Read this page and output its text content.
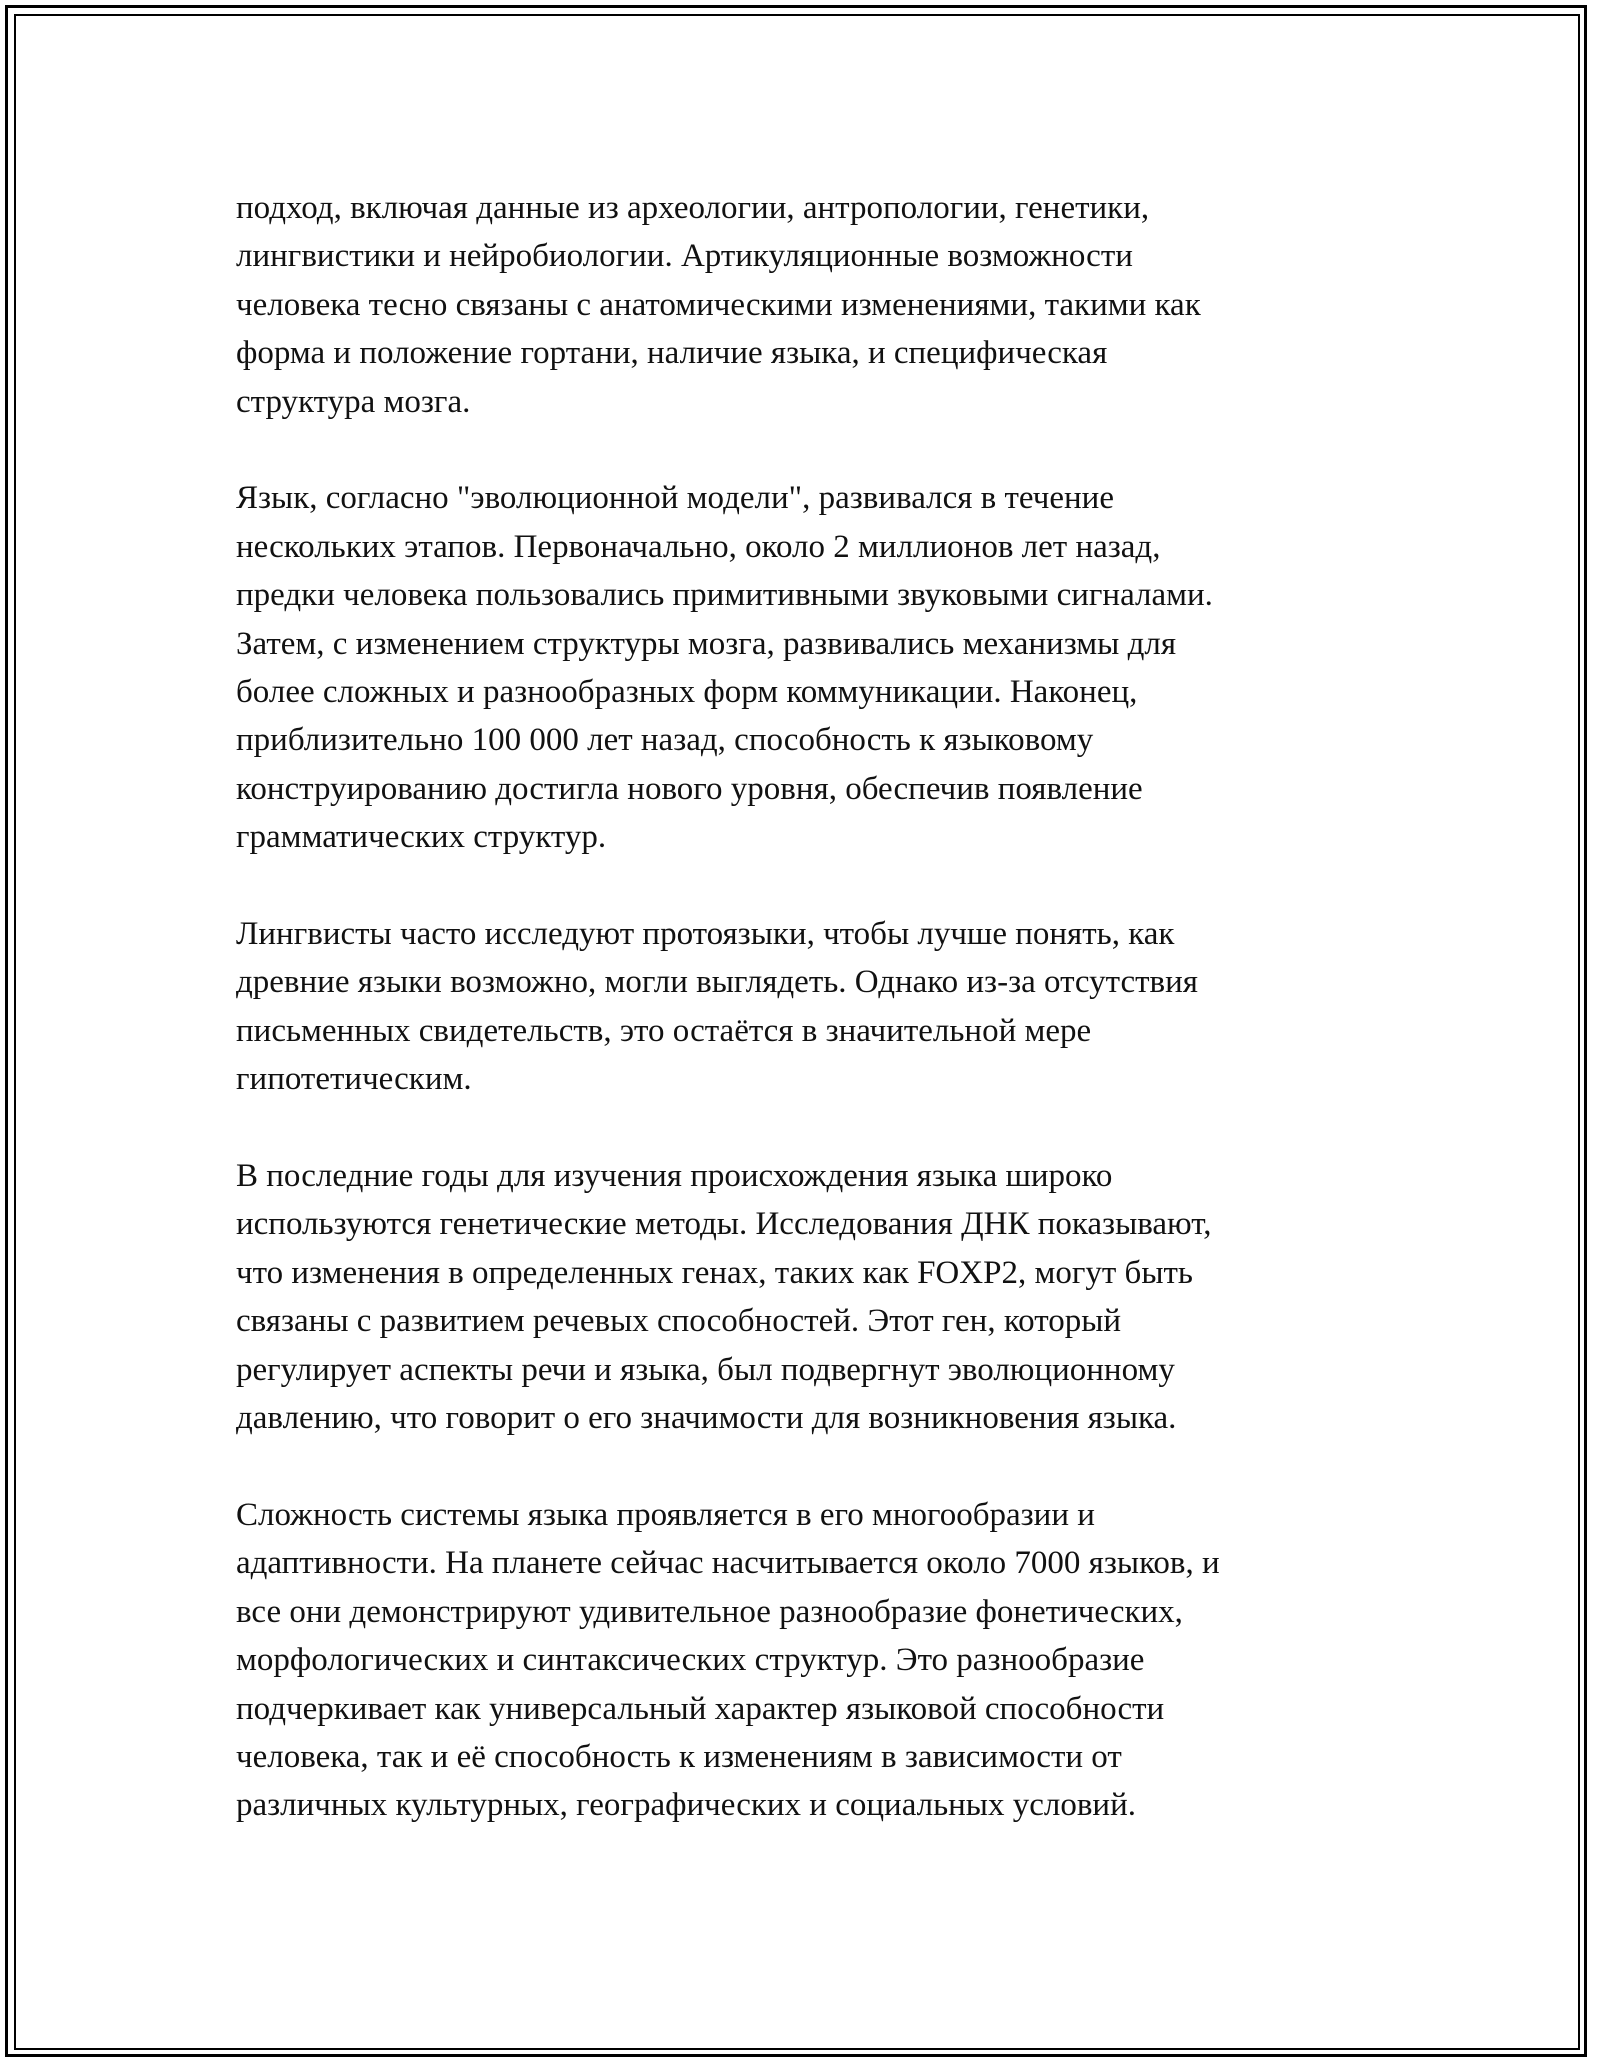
подход, включая данные из археологии, антропологии, генетики,
лингвистики и нейробиологии. Артикуляционные возможности
человека тесно связаны с анатомическими изменениями, такими как
форма и положение гортани, наличие языка, и специфическая
структура мозга.

Язык, согласно "эволюционной модели", развивался в течение
нескольких этапов. Первоначально, около 2 миллионов лет назад,
предки человека пользовались примитивными звуковыми сигналами.
Затем, с изменением структуры мозга, развивались механизмы для
более сложных и разнообразных форм коммуникации. Наконец,
приблизительно 100 000 лет назад, способность к языковому
конструированию достигла нового уровня, обеспечив появление
грамматических структур.

Лингвисты часто исследуют протоязыки, чтобы лучше понять, как
древние языки возможно, могли выглядеть. Однако из-за отсутствия
письменных свидетельств, это остаётся в значительной мере
гипотетическим.

В последние годы для изучения происхождения языка широко
используются генетические методы. Исследования ДНК показывают,
что изменения в определенных генах, таких как FOXP2, могут быть
связаны с развитием речевых способностей. Этот ген, который
регулирует аспекты речи и языка, был подвергнут эволюционному
давлению, что говорит о его значимости для возникновения языка.

Сложность системы языка проявляется в его многообразии и
адаптивности. На планете сейчас насчитывается около 7000 языков, и
все они демонстрируют удивительное разнообразие фонетических,
морфологических и синтаксических структур. Это разнообразие
подчеркивает как универсальный характер языковой способности
человека, так и её способность к изменениям в зависимости от
различных культурных, географических и социальных условий.
